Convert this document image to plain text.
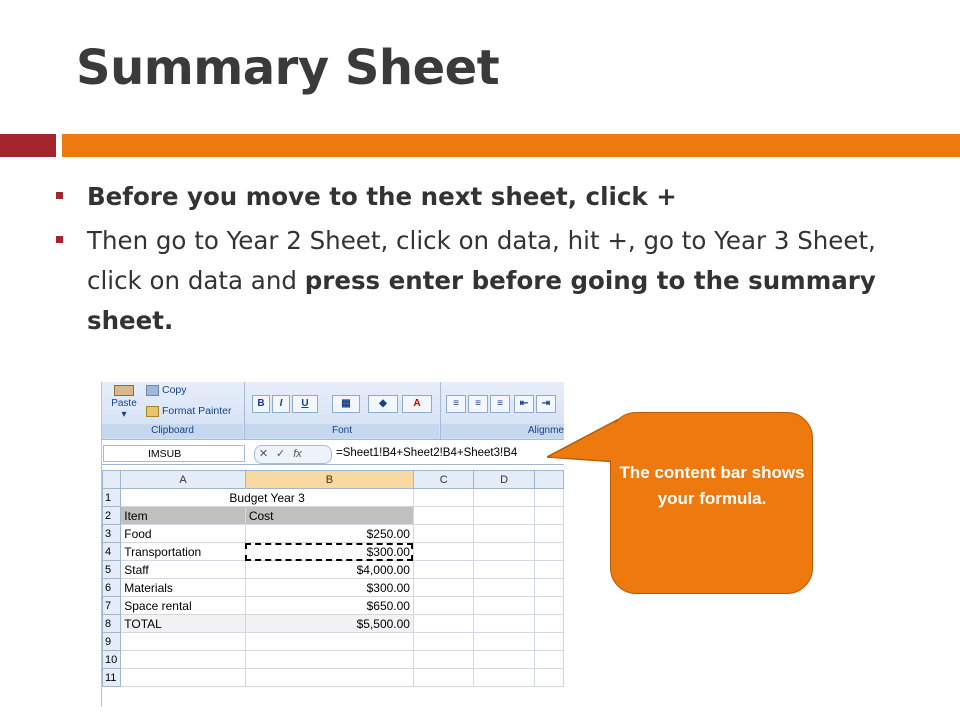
Summary Sheet
Before you move to the next sheet, click +
Then go to Year 2 Sheet, click on data, hit +, go to Year 3 Sheet, click on data and press enter before going to the summary sheet.
Paste
▾
Copy
Format Painter
Clipboard
B	I	U	▦	◆	A
Font
≡	≡	≡	⇤	⇥
Alignme
IMSUB	✕ ✓ fx	=Sheet1!B4+Sheet2!B4+Sheet3!B4
	A	B	C	D	
1	Budget Year 3				
2	Item	Cost			
3	Food	$250.00			
4	Transportation	$300.00			
5	Staff	$4,000.00			
6	Materials	$300.00			
7	Space rental	$650.00			
8	TOTAL	$5,500.00			
9					
10					
11					
The content bar shows your formula.
